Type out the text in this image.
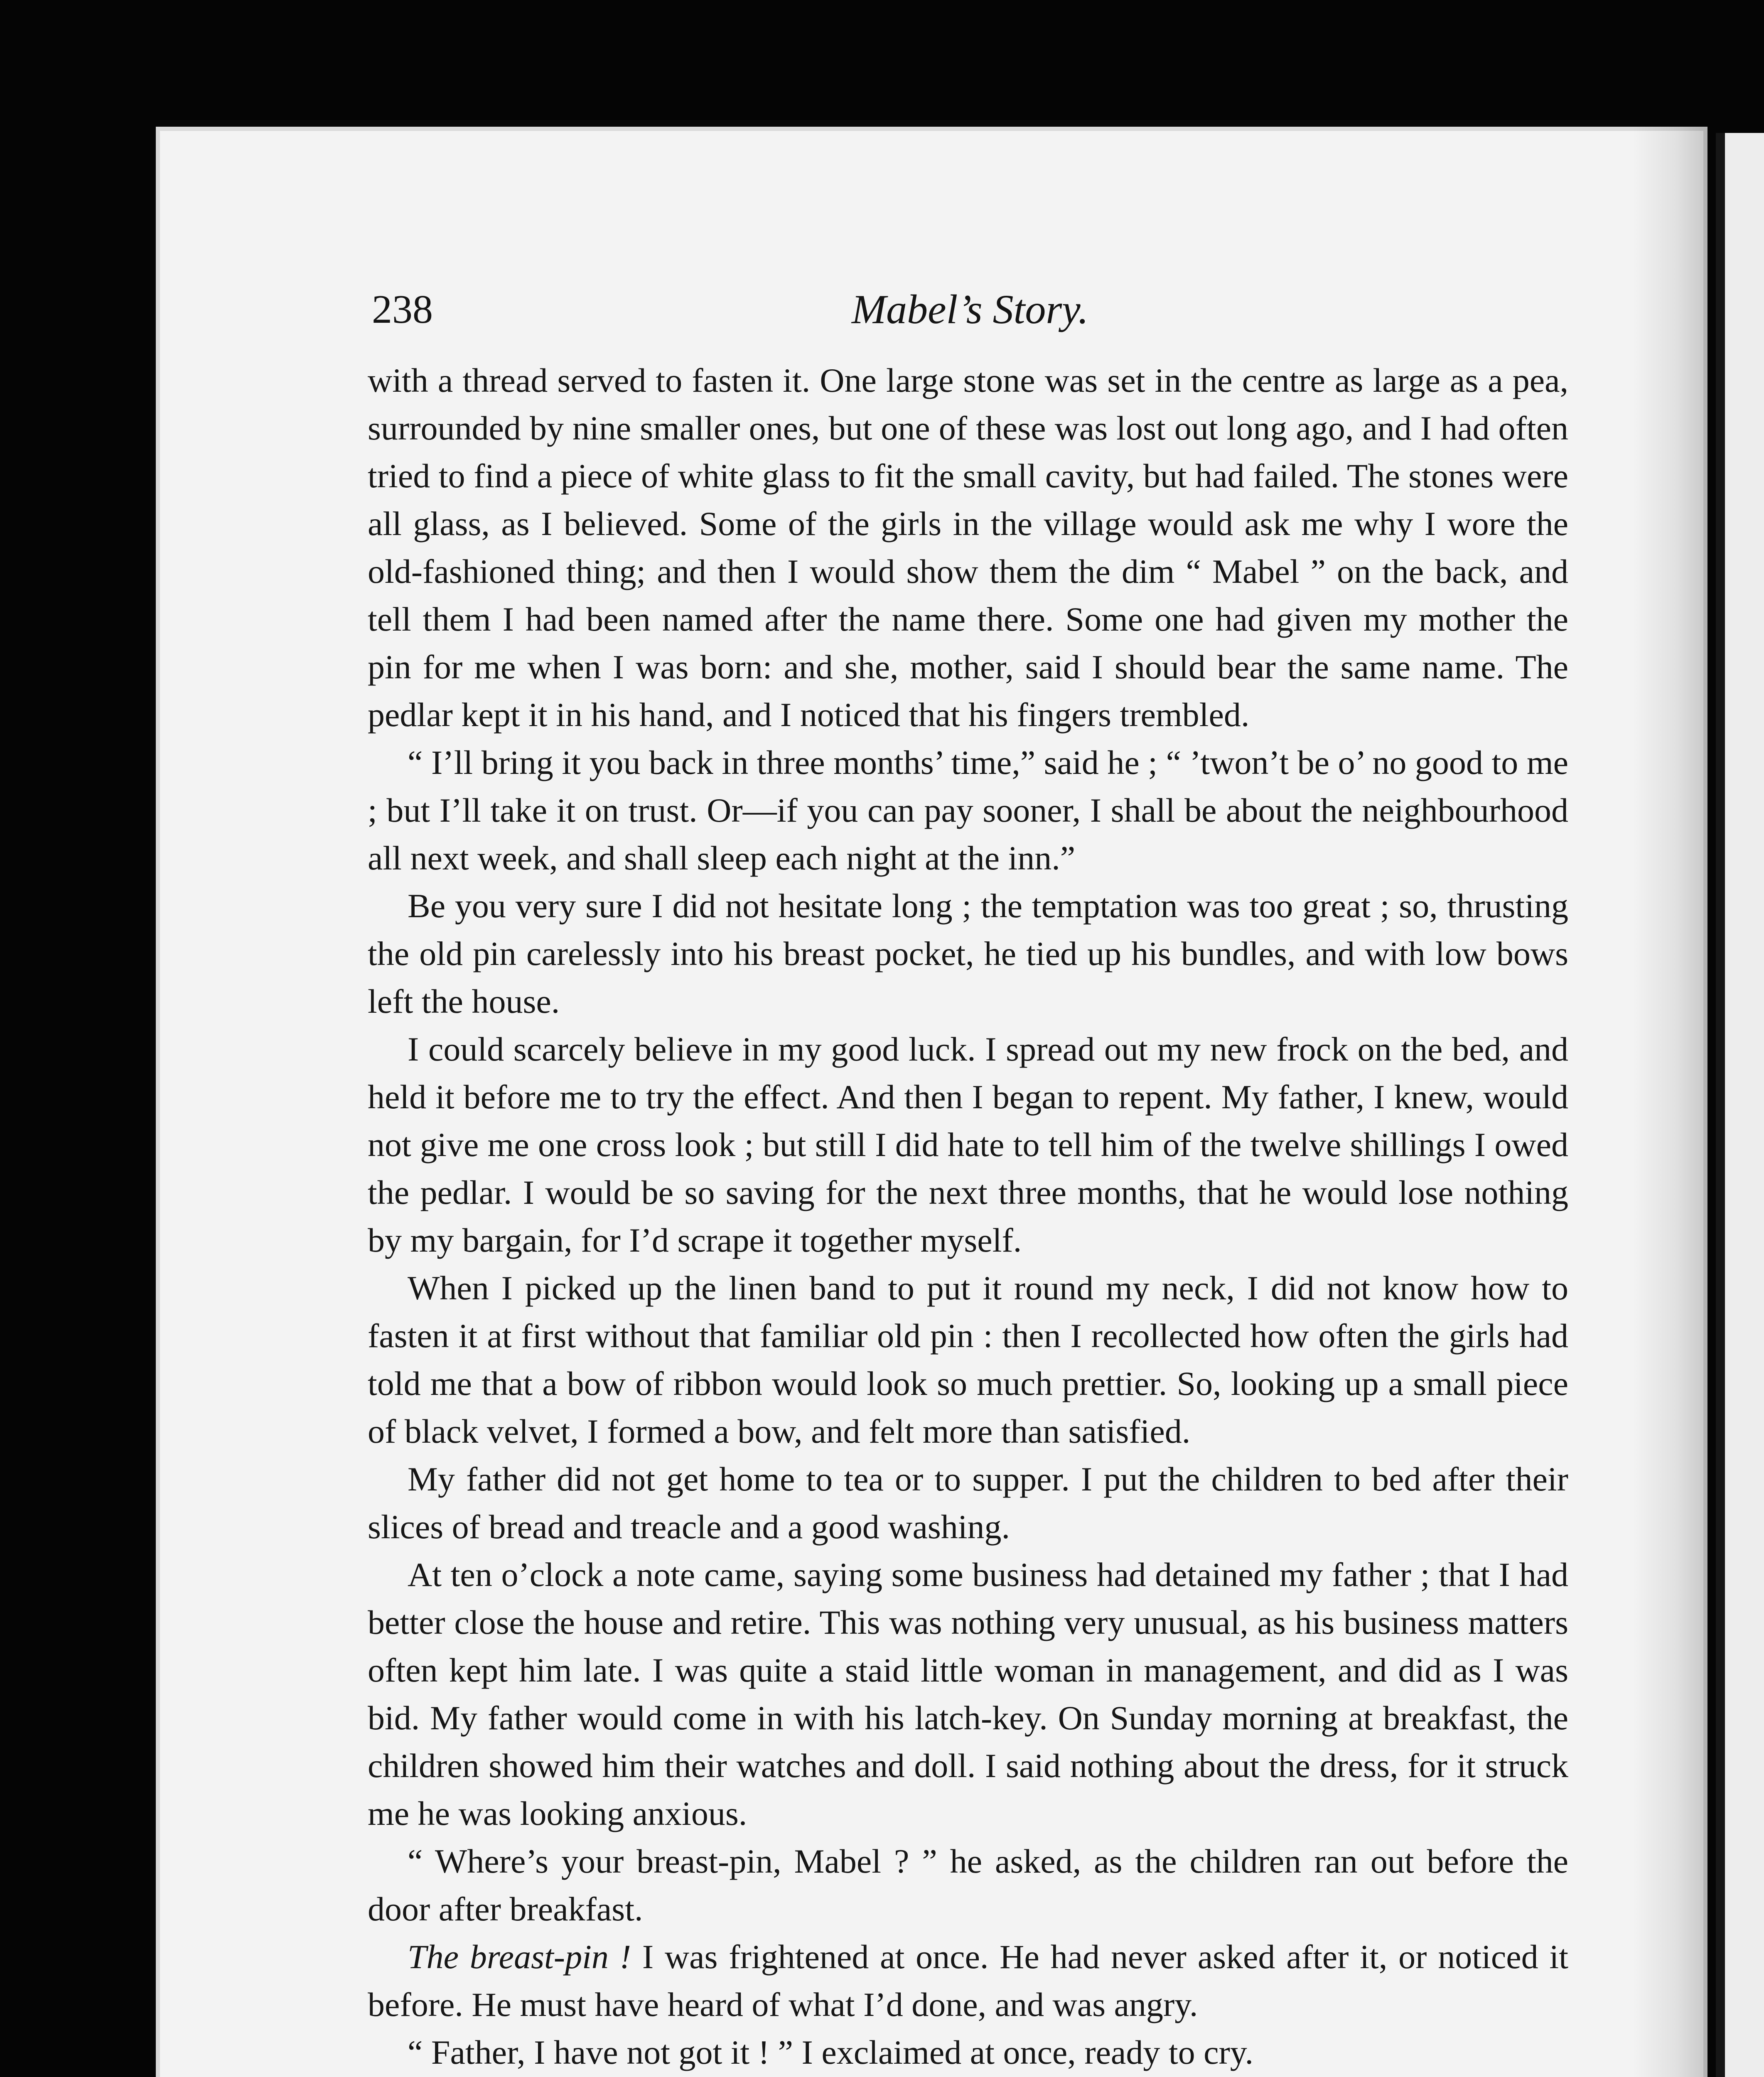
Mabel’s Story.
238

with a thread served to fasten it. One large stone was set in the centre as large as a pea, surrounded by nine smaller ones, but one of these was lost out long ago, and I had often tried to find a piece of white glass to fit the small cavity, but had failed. The stones were all glass, as I believed. Some of the girls in the village would ask me why I wore the old-fashioned thing; and then I would show them the dim “ Mabel ” on the back, and tell them I had been named after the name there. Some one had given my mother the pin for me when I was born: and she, mother, said I should bear the same name. The pedlar kept it in his hand, and I noticed that his fingers trembled.

“ I’ll bring it you back in three months’ time,” said he ; “ ’twon’t be o’ no good to me ; but I’ll take it on trust. Or—if you can pay sooner, I shall be about the neighbourhood all next week, and shall sleep each night at the inn.”

Be you very sure I did not hesitate long ; the temptation was too great ; so, thrusting the old pin carelessly into his breast pocket, he tied up his bundles, and with low bows left the house.

I could scarcely believe in my good luck. I spread out my new frock on the bed, and held it before me to try the effect. And then I began to repent. My father, I knew, would not give me one cross look ; but still I did hate to tell him of the twelve shillings I owed the pedlar. I would be so saving for the next three months, that he would lose nothing by my bargain, for I’d scrape it together myself.

When I picked up the linen band to put it round my neck, I did not know how to fasten it at first without that familiar old pin : then I recollected how often the girls had told me that a bow of ribbon would look so much prettier. So, looking up a small piece of black velvet, I formed a bow, and felt more than satisfied.

My father did not get home to tea or to supper. I put the children to bed after their slices of bread and treacle and a good washing.

At ten o’clock a note came, saying some business had detained my father ; that I had better close the house and retire. This was nothing very unusual, as his business matters often kept him late. I was quite a staid little woman in management, and did as I was bid. My father would come in with his latch-key. On Sunday morning at breakfast, the children showed him their watches and doll. I said nothing about the dress, for it struck me he was looking anxious.

“ Where’s your breast-pin, Mabel ? ” he asked, as the children ran out before the door after breakfast.

The breast-pin ! I was frightened at once. He had never asked after it, or noticed it before. He must have heard of what I’d done, and was angry.

“ Father, I have not got it ! ” I exclaimed at once, ready to cry.
